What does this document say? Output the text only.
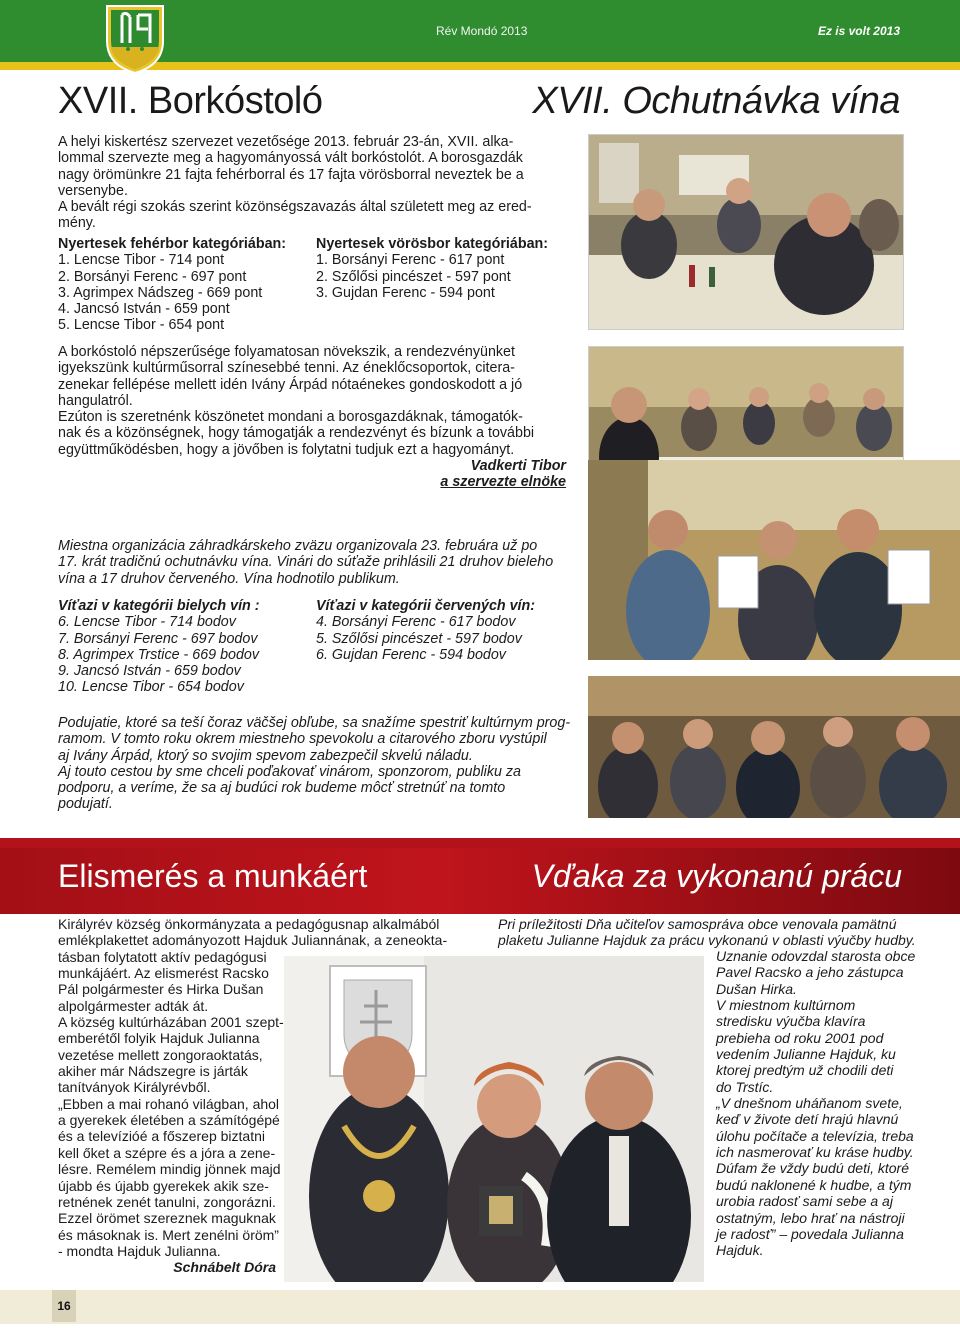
Rév Mondó 2013	Ez is volt 2013
XVII. Borkóstoló	XVII. Ochutnávka vína
A helyi kiskertész szervezet vezetősége 2013. február 23-án, XVII. alka-
lommal szervezte meg a hagyományossá vált borkóstolót. A borosgazdák
nagy örömünkre 21 fajta fehérborral és 17 fajta vörösborral neveztek be a
versenybe.
A bevált régi szokás szerint közönségszavazás által született meg az ered-
mény.
Nyertesek fehérbor kategóriában:
1. Lencse Tibor - 714 pont
2. Borsányi Ferenc - 697 pont
3. Agrimpex Nádszeg - 669 pont
4. Jancsó István - 659 pont
5. Lencse Tibor - 654 pont
Nyertesek vörösbor kategóriában:
1. Borsányi Ferenc - 617 pont
2. Szőlősi pincészet - 597 pont
3. Gujdan Ferenc - 594 pont
A borkóstoló népszerűsége folyamatosan növekszik, a rendezvényünket
igyekszünk kultúrműsorral színesebbé tenni. Az éneklőcsoportok, citera-
zenekar fellépése mellett idén Ivány Árpád nótaénekes gondoskodott a jó
hangulatról.
Ezúton is szeretnénk köszönetet mondani a borosgazdáknak, támogatók-
nak és a közönségnek, hogy támogatják a rendezvényt és bízunk a további
együttműködésben, hogy a jövőben is folytatni tudjuk ezt a hagyományt.
Vadkerti Tibor
a szervezte elnöke
Miestna organizácia záhradkárskeho zväzu organizovala 23. februára už po
17. krát tradičnú ochutnávku vína. Vinári do súťaže prihlásili 21 druhov bieleho
vína a 17 druhov červeného. Vína hodnotilo publikum.
Víťazi v kategórii bielych vín :
6. Lencse Tibor - 714 bodov
7. Borsányi Ferenc - 697 bodov
8. Agrimpex Trstice - 669 bodov
9. Jancsó István - 659 bodov
10. Lencse Tibor - 654 bodov
Víťazi v kategórii červených vín:
4. Borsányi Ferenc - 617 bodov
5. Szőlősi pincészet - 597 bodov
6. Gujdan Ferenc - 594 bodov
Podujatie, ktoré sa teší čoraz väčšej obľube, sa snažíme spestriť kultúrnym prog-
ramom. V tomto roku okrem miestneho spevokolu a citarového zboru vystúpil
aj Ivány Árpád, ktorý so svojim spevom zabezpečil skvelú náladu.
Aj touto cestou by sme chceli poďakovať vinárom, sponzorom, publiku za
podporu, a veríme, že sa aj budúci rok budeme môcť stretnúť na tomto
podujatí.
Elismerés a munkáért	Vďaka za vykonanú prácu
Királyrév község önkormányzata a pedagógusnap alkalmából
emlékplakettet adományozott Hajduk Juliannának, a zeneokta-
tásban folytatott aktív pedagógusi
munkájáért. Az elismerést Racsko
Pál polgármester és Hirka Dušan
alpolgármester adták át.
A község kultúrházában 2001 szept-
emberétől folyik Hajduk Julianna
vezetése mellett zongoraoktatás,
akiher már Nádszegre is járták
tanítványok Királyrévből.
„Ebben a mai rohanó világban, ahol
a gyerekek életében a számítógépé
és a televízióé a főszerep biztatni
kell őket a szépre és a jóra a zene-
lésre. Remélem mindig jönnek majd
újabb és újabb gyerekek akik sze-
retnének zenét tanulni, zongorázni.
Ezzel örömet szereznek maguknak
és másoknak is. Mert zenélni öröm”
- mondta Hajduk Julianna.
Schnábelt Dóra
Pri príležitosti Dňa učiteľov samospráva obce venovala pamätnú
plaketu Julianne Hajduk za prácu vykonanú v oblasti výučby hudby.
Uznanie odovzdal starosta obce
Pavel Racsko a jeho zástupca
Dušan Hirka.
V miestnom kultúrnom
stredisku výučba klavíra
prebieha od roku 2001 pod
vedením Julianne Hajduk, ku
ktorej predtým už chodili deti
do Trstíc.
„V dnešnom uháňanom svete,
keď v živote detí hrajú hlavnú
úlohu počítače a televízia, treba
ich nasmerovať ku kráse hudby.
Dúfam že vždy budú deti, ktoré
budú naklonené k hudbe, a tým
urobia radosť sami sebe a aj
ostatným, lebo hrať na nástroji
je radosť” – povedala Julianna
Hajduk.
16
